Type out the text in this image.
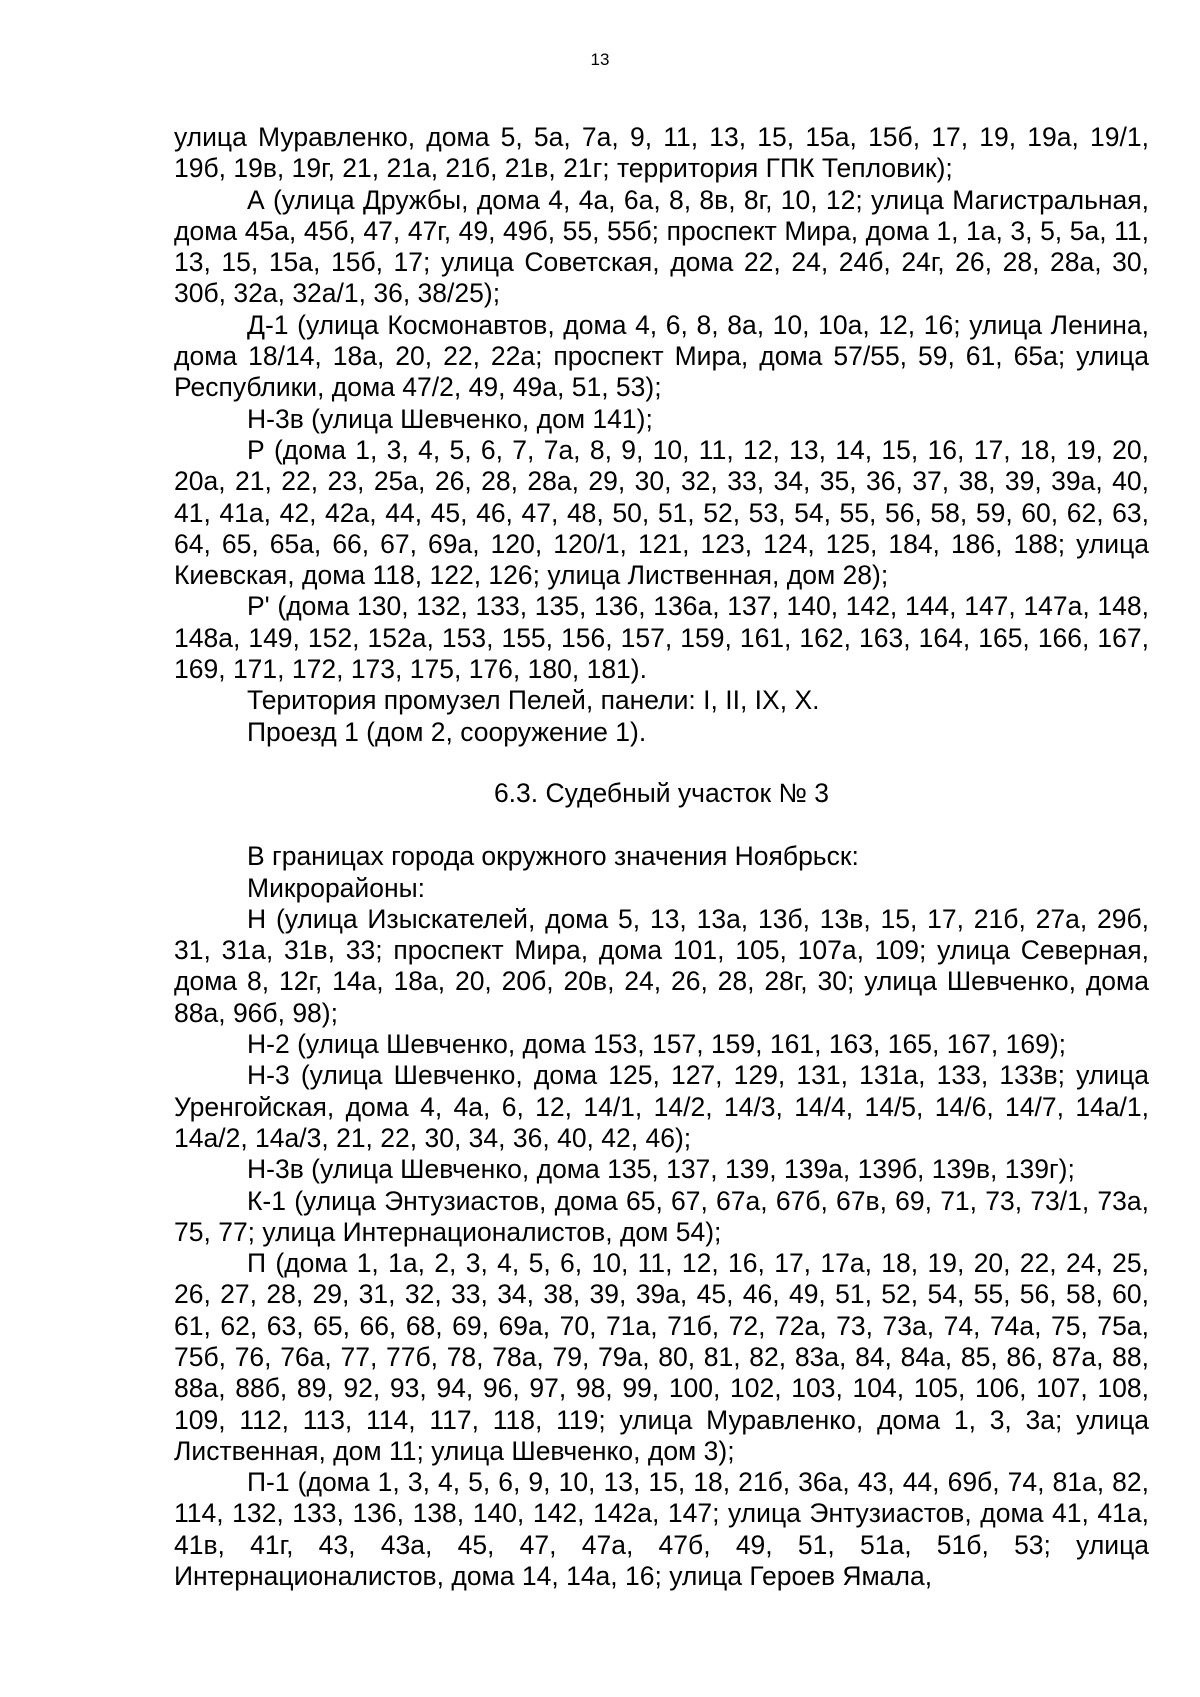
13

улица Муравленко, дома 5, 5а, 7а, 9, 11, 13, 15, 15а, 15б, 17, 19, 19а, 19/1, 19б, 19в, 19г, 21, 21а, 21б, 21в, 21г; территория ГПК Тепловик);

А (улица Дружбы, дома 4, 4а, 6а, 8, 8в, 8г, 10, 12; улица Магистральная, дома 45а, 45б, 47, 47г, 49, 49б, 55, 55б; проспект Мира, дома 1, 1а, 3, 5, 5а, 11, 13, 15, 15а, 15б, 17; улица Советская, дома 22, 24, 24б, 24г, 26, 28, 28а, 30, 30б, 32а, 32а/1, 36, 38/25);

Д-1 (улица Космонавтов, дома 4, 6, 8, 8а, 10, 10а, 12, 16; улица Ленина, дома 18/14, 18а, 20, 22, 22а; проспект Мира, дома 57/55, 59, 61, 65а; улица Республики, дома 47/2, 49, 49а, 51, 53);

Н-3в (улица Шевченко, дом 141);

Р (дома 1, 3, 4, 5, 6, 7, 7а, 8, 9, 10, 11, 12, 13, 14, 15, 16, 17, 18, 19, 20, 20а, 21, 22, 23, 25а, 26, 28, 28а, 29, 30, 32, 33, 34, 35, 36, 37, 38, 39, 39а, 40, 41, 41а, 42, 42а, 44, 45, 46, 47, 48, 50, 51, 52, 53, 54, 55, 56, 58, 59, 60, 62, 63, 64, 65, 65а, 66, 67, 69а, 120, 120/1, 121, 123, 124, 125, 184, 186, 188; улица Киевская, дома 118, 122, 126; улица Лиственная, дом 28);

Р' (дома 130, 132, 133, 135, 136, 136а, 137, 140, 142, 144, 147, 147а, 148, 148а, 149, 152, 152а, 153, 155, 156, 157, 159, 161, 162, 163, 164, 165, 166, 167, 169, 171, 172, 173, 175, 176, 180, 181).

Територия промузел Пелей, панели: I, II, IX, X.

Проезд 1 (дом 2, сооружение 1).

6.3. Судебный участок № 3

В границах города окружного значения Ноябрьск:

Микрорайоны:

Н (улица Изыскателей, дома 5, 13, 13а, 13б, 13в, 15, 17, 21б, 27а, 29б, 31, 31а, 31в, 33; проспект Мира, дома 101, 105, 107а, 109; улица Северная, дома 8, 12г, 14а, 18а, 20, 20б, 20в, 24, 26, 28, 28г, 30; улица Шевченко, дома 88а, 96б, 98);

Н-2 (улица Шевченко, дома 153, 157, 159, 161, 163, 165, 167, 169);

Н-3 (улица Шевченко, дома 125, 127, 129, 131, 131а, 133, 133в; улица Уренгойская, дома 4, 4а, 6, 12, 14/1, 14/2, 14/3, 14/4, 14/5, 14/6, 14/7, 14а/1, 14а/2, 14а/3, 21, 22, 30, 34, 36, 40, 42, 46);

Н-3в (улица Шевченко, дома 135, 137, 139, 139а, 139б, 139в, 139г);

К-1 (улица Энтузиастов, дома 65, 67, 67а, 67б, 67в, 69, 71, 73, 73/1, 73а, 75, 77; улица Интернационалистов, дом 54);

П (дома 1, 1а, 2, 3, 4, 5, 6, 10, 11, 12, 16, 17, 17а, 18, 19, 20, 22, 24, 25, 26, 27, 28, 29, 31, 32, 33, 34, 38, 39, 39а, 45, 46, 49, 51, 52, 54, 55, 56, 58, 60, 61, 62, 63, 65, 66, 68, 69, 69а, 70, 71а, 71б, 72, 72а, 73, 73а, 74, 74а, 75, 75а, 75б, 76, 76а, 77, 77б, 78, 78а, 79, 79а, 80, 81, 82, 83а, 84, 84а, 85, 86, 87а, 88, 88а, 88б, 89, 92, 93, 94, 96, 97, 98, 99, 100, 102, 103, 104, 105, 106, 107, 108, 109, 112, 113, 114, 117, 118, 119; улица Муравленко, дома 1, 3, 3а; улица Лиственная, дом 11; улица Шевченко, дом 3);

П-1 (дома 1, 3, 4, 5, 6, 9, 10, 13, 15, 18, 21б, 36а, 43, 44, 69б, 74, 81а, 82, 114, 132, 133, 136, 138, 140, 142, 142а, 147; улица Энтузиастов, дома 41, 41а, 41в, 41г, 43, 43а, 45, 47, 47а, 47б, 49, 51, 51а, 51б, 53; улица Интернационалистов, дома 14, 14а, 16; улица Героев Ямала,
